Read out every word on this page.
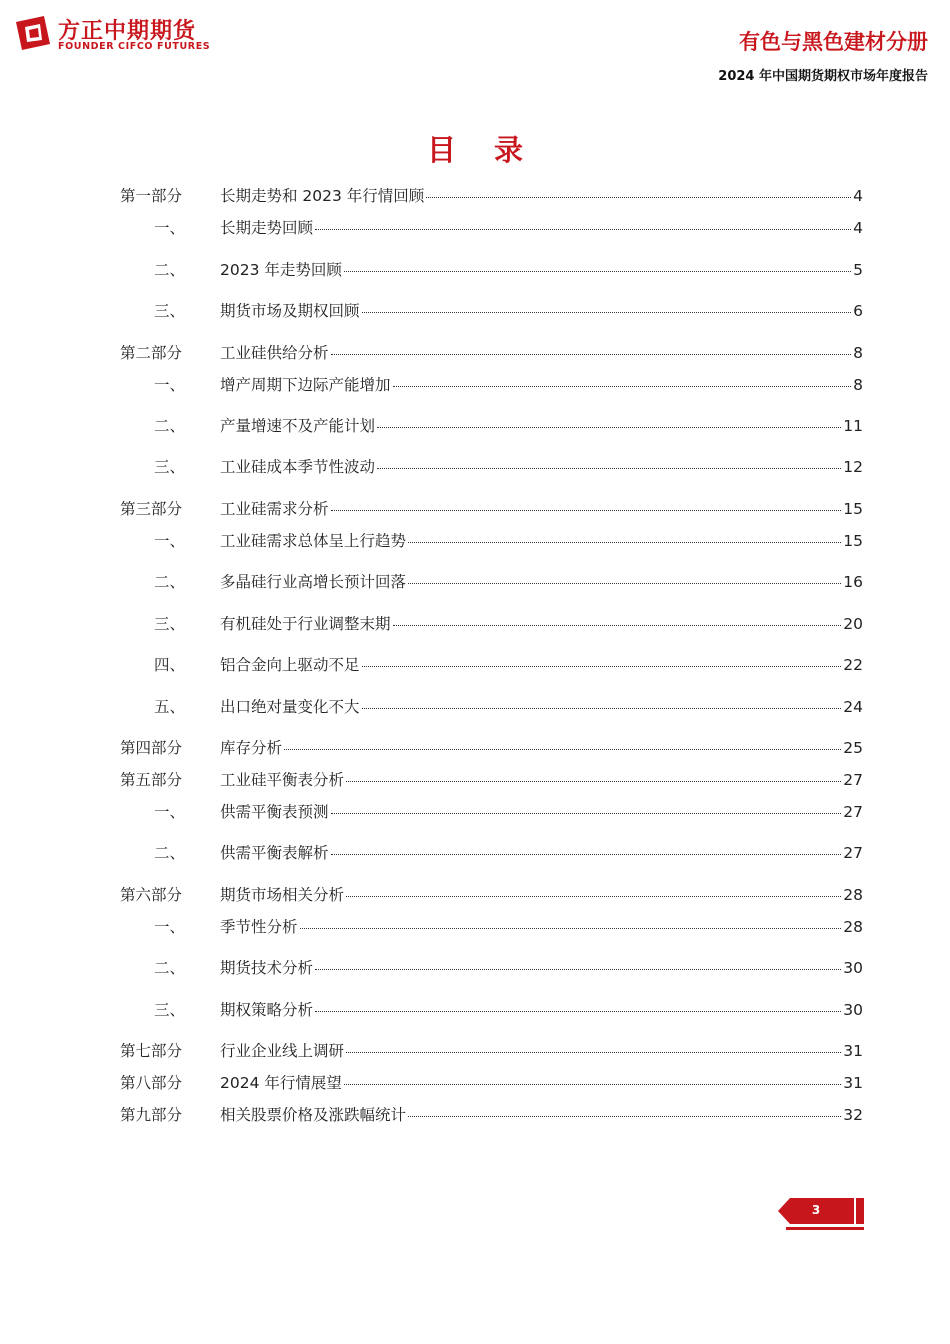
方正中期期货
FOUNDER CIFCO FUTURES	有色与黑色建材分册
2024 年中国期货期权市场年度报告
目 录
第一部分 长期走势和 2023 年行情回顾	4
一、 长期走势回顾	4
二、 2023 年走势回顾	5
三、 期货市场及期权回顾	6
第二部分 工业硅供给分析	8
一、 增产周期下边际产能增加	8
二、 产量增速不及产能计划	11
三、 工业硅成本季节性波动	12
第三部分 工业硅需求分析	15
一、 工业硅需求总体呈上行趋势	15
二、 多晶硅行业高增长预计回落	16
三、 有机硅处于行业调整末期	20
四、 铝合金向上驱动不足	22
五、 出口绝对量变化不大	24
第四部分 库存分析	25
第五部分 工业硅平衡表分析	27
一、 供需平衡表预测	27
二、 供需平衡表解析	27
第六部分 期货市场相关分析	28
一、 季节性分析	28
二、 期货技术分析	30
三、 期权策略分析	30
第七部分 行业企业线上调研	31
第八部分 2024 年行情展望	31
第九部分 相关股票价格及涨跌幅统计	32
3
